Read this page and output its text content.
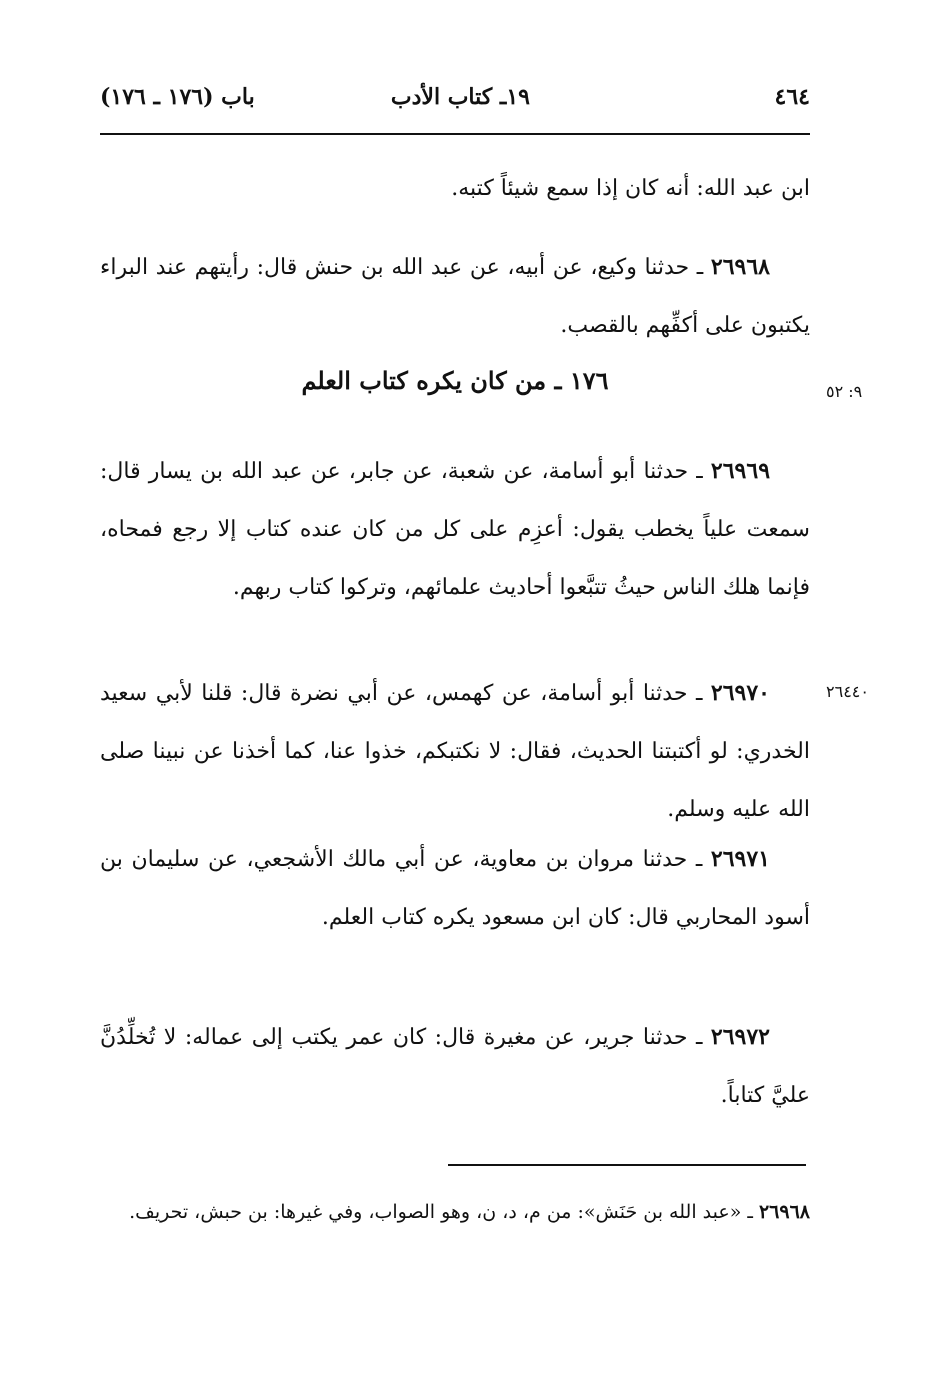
٤٦٤
١٩ـ كتاب الأدب
باب (١٧٦ ـ ١٧٦)
ابن عبد الله: أنه كان إذا سمع شيئاً كتبه.
٢٦٩٦٨ ـ حدثنا وكيع، عن أبيه، عن عبد الله بن حنش قال: رأيتهم عند البراء يكتبون على أكفِّهم بالقصب.
١٧٦ ـ من كان يكره كتاب العلم	٩: ٥٢
٢٦٩٦٩ ـ حدثنا أبو أسامة، عن شعبة، عن جابر، عن عبد الله بن يسار قال: سمعت علياً يخطب يقول: أعزِم على كل من كان عنده كتاب إلا رجع فمحاه، فإنما هلك الناس حيثُ تتبَّعوا أحاديث علمائهم، وتركوا كتاب ربهم.
٢٦٩٧٠ ـ حدثنا أبو أسامة، عن كهمس، عن أبي نضرة قال: قلنا لأبي سعيد الخدري: لو أكتبتنا الحديث، فقال: لا نكتبكم، خذوا عنا، كما أخذنا عن نبينا صلى الله عليه وسلم.
٢٦٤٤٠
٢٦٩٧١ ـ حدثنا مروان بن معاوية، عن أبي مالك الأشجعي، عن سليمان بن أسود المحاربي قال: كان ابن مسعود يكره كتاب العلم.
٢٦٩٧٢ ـ حدثنا جرير، عن مغيرة قال: كان عمر يكتب إلى عماله: لا تُخلِّدُنَّ عليَّ كتاباً.
٢٦٩٦٨ ـ «عبد الله بن حَنَش»: من م، د، ن، وهو الصواب، وفي غيرها: بن حبش، تحريف.
